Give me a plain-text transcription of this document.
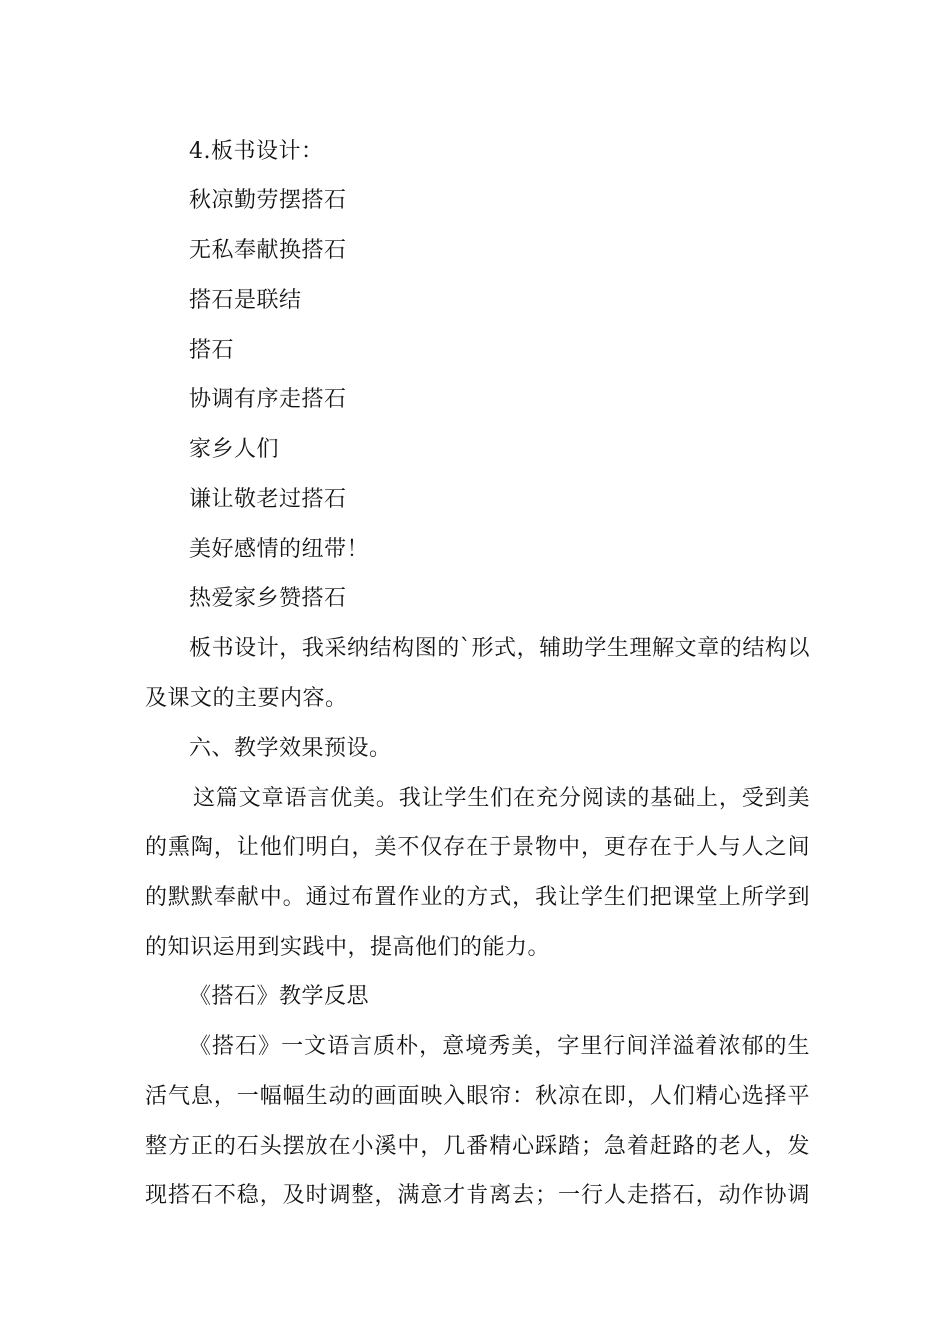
4.板书设计：
秋凉勤劳摆搭石
无私奉献换搭石
搭石是联结
搭石
协调有序走搭石
家乡人们
谦让敬老过搭石
美好感情的纽带！
热爱家乡赞搭石
板书设计，我采纳结构图的`形式，辅助学生理解文章的结构以
及课文的主要内容。
六、教学效果预设。
这篇文章语言优美。我让学生们在充分阅读的基础上，受到美
的熏陶，让他们明白，美不仅存在于景物中，更存在于人与人之间
的默默奉献中。通过布置作业的方式，我让学生们把课堂上所学到
的知识运用到实践中，提高他们的能力。
《搭石》教学反思
《搭石》一文语言质朴，意境秀美，字里行间洋溢着浓郁的生
活气息，一幅幅生动的画面映入眼帘：秋凉在即，人们精心选择平
整方正的石头摆放在小溪中，几番精心踩踏；急着赶路的老人，发
现搭石不稳，及时调整，满意才肯离去；一行人走搭石，动作协调
